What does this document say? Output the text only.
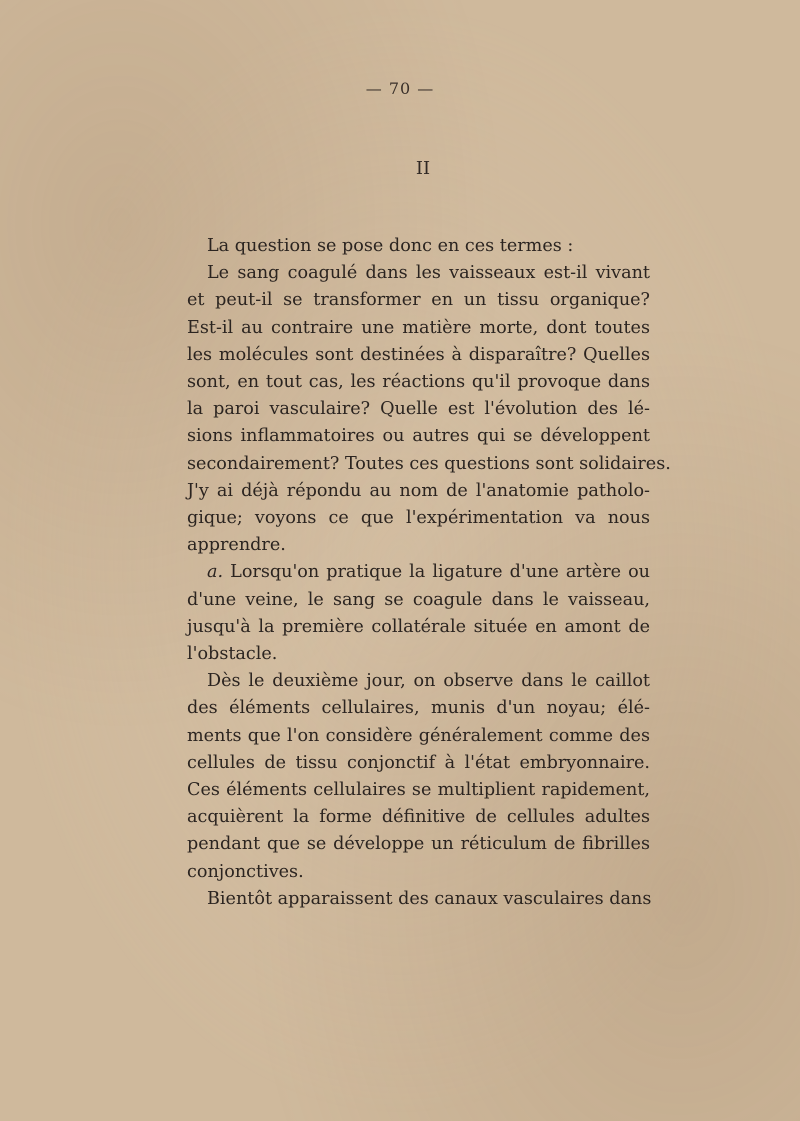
— 70 —
II
La question se pose donc en ces termes :
Le sang coagulé dans les vaisseaux est-il vivant
et peut-il se transformer en un tissu organique?
Est-il au contraire une matière morte, dont toutes
les molécules sont destinées à disparaître? Quelles
sont, en tout cas, les réactions qu'il provoque dans
la paroi vasculaire? Quelle est l'évolution des lé-
sions inflammatoires ou autres qui se développent
secondairement? Toutes ces questions sont solidaires.
J'y ai déjà répondu au nom de l'anatomie patholo-
gique; voyons ce que l'expérimentation va nous
apprendre.
a. Lorsqu'on pratique la ligature d'une artère ou
d'une veine, le sang se coagule dans le vaisseau,
jusqu'à la première collatérale située en amont de
l'obstacle.
Dès le deuxième jour, on observe dans le caillot
des éléments cellulaires, munis d'un noyau; élé-
ments que l'on considère généralement comme des
cellules de tissu conjonctif à l'état embryonnaire.
Ces éléments cellulaires se multiplient rapidement,
acquièrent la forme définitive de cellules adultes
pendant que se développe un réticulum de fibrilles
conjonctives.
Bientôt apparaissent des canaux vasculaires dans
